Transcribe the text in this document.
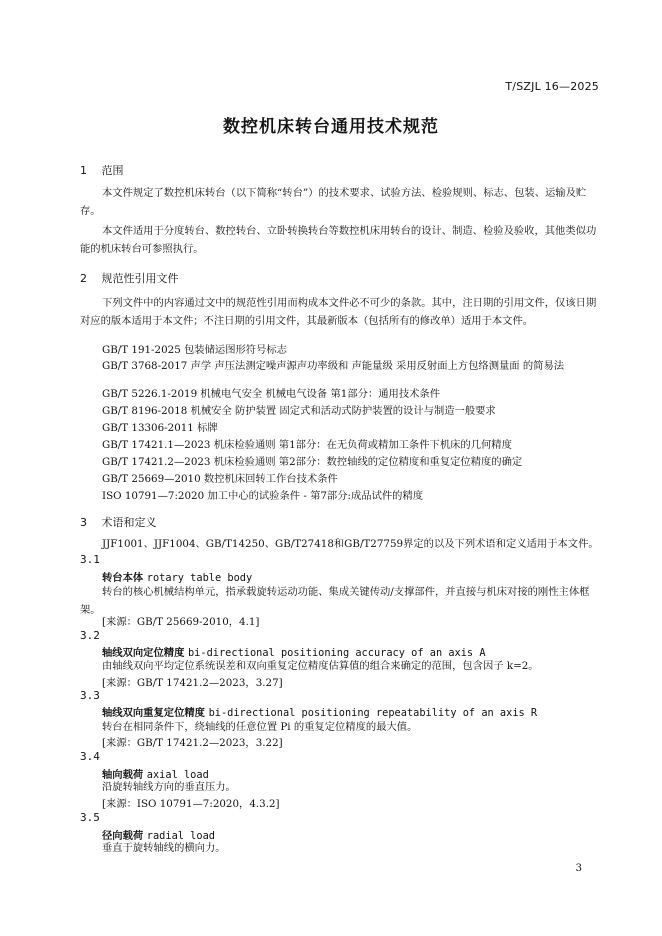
T/SZJL 16—2025
数控机床转台通用技术规范
1 范围
本文件规定了数控机床转台（以下简称“转台”）的技术要求、试验方法、检验规则、标志、包装、运输及贮存。
本文件适用于分度转台、数控转台、立卧转换转台等数控机床用转台的设计、制造、检验及验收，其他类似功能的机床转台可参照执行。
2 规范性引用文件
下列文件中的内容通过文中的规范性引用而构成本文件必不可少的条款。其中，注日期的引用文件，仅该日期对应的版本适用于本文件；不注日期的引用文件，其最新版本（包括所有的修改单）适用于本文件。
GB/T 191-2025 包装储运图形符号标志
GB/T 3768-2017 声学 声压法测定噪声源声功率级和 声能量级 采用反射面上方包络测量面 的简易法
GB/T 5226.1-2019 机械电气安全 机械电气设备 第1部分：通用技术条件
GB/T 8196-2018 机械安全 防护装置 固定式和活动式防护装置的设计与制造一般要求
GB/T 13306-2011 标牌
GB/T 17421.1—2023 机床检验通则 第1部分：在无负荷或精加工条件下机床的几何精度
GB/T 17421.2—2023 机床检验通则 第2部分：数控轴线的定位精度和重复定位精度的确定
GB/T 25669—2010 数控机床回转工作台技术条件
ISO 10791—7:2020 加工中心的试验条件 - 第7部分:成品试件的精度
3 术语和定义
JJF1001、JJF1004、GB/T14250、GB/T27418和GB/T27759界定的以及下列术语和定义适用于本文件。
3.1
转台本体 rotary table body
转台的核心机械结构单元，指承载旋转运动功能、集成关键传动/支撑部件，并直接与机床对接的刚性主体框架。
[来源：GB/T 25669-2010，4.1]
3.2
轴线双向定位精度 bi-directional positioning accuracy of an axis A
由轴线双向平均定位系统误差和双向重复定位精度估算值的组合来确定的范围，包含因子 k=2。
[来源：GB/T 17421.2—2023，3.27]
3.3
轴线双向重复定位精度 bi-directional positioning repeatability of an axis R
转台在相同条件下，绕轴线的任意位置 Pi 的重复定位精度的最大值。
[来源：GB/T 17421.2—2023，3.22]
3.4
轴向载荷 axial load
沿旋转轴线方向的垂直压力。
[来源：ISO 10791—7:2020，4.3.2]
3.5
径向载荷 radial load
垂直于旋转轴线的横向力。
3
